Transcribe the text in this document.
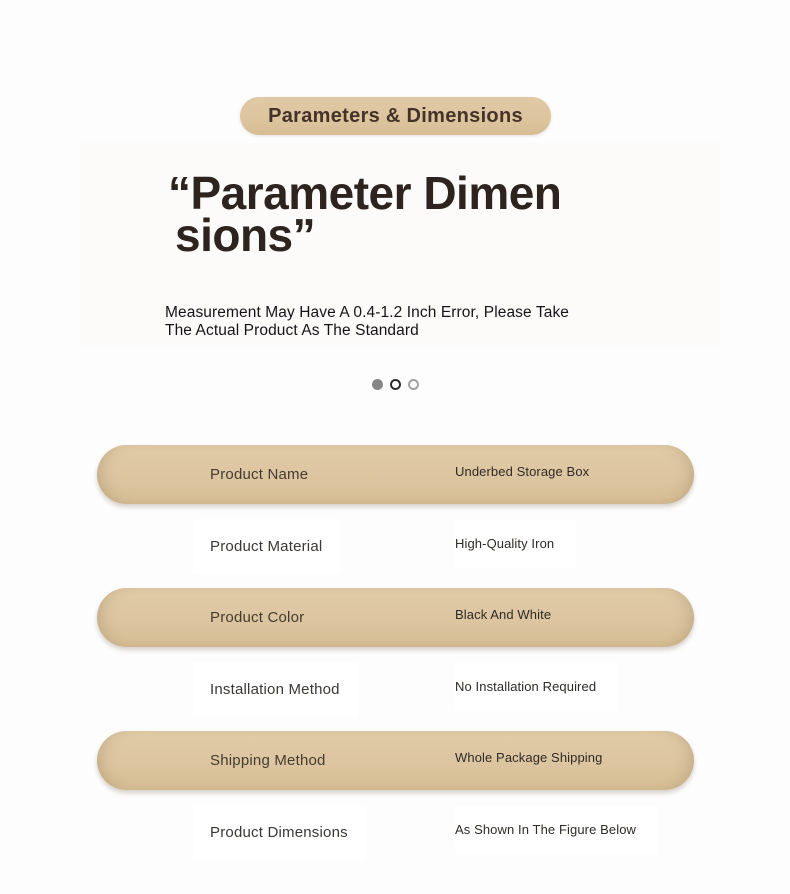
Parameters & Dimensions
“Parameter Dimen
sions”
Measurement May Have A 0.4-1.2 Inch Error, Please Take
The Actual Product As The Standard
Product Name	Underbed Storage Box
Product Material	High-Quality Iron
Product Color	Black And White
Installation Method	No Installation Required
Shipping Method	Whole Package Shipping
Product Dimensions	As Shown In The Figure Below
